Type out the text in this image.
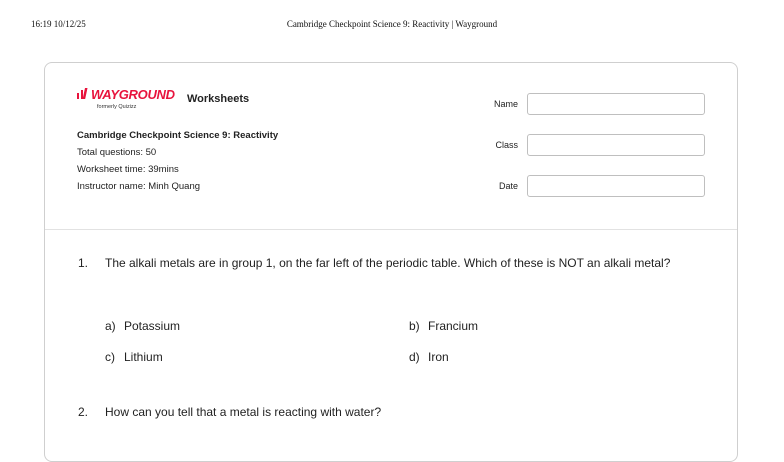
16:19 10/12/25	Cambridge Checkpoint Science 9: Reactivity | Wayground
WAYGROUND
formerly Quizizz
Worksheets
Cambridge Checkpoint Science 9: Reactivity
Total questions: 50
Worksheet time: 39mins
Instructor name: Minh Quang
Name
Class
Date
1. The alkali metals are in group 1, on the far left of the periodic table. Which of these is NOT an alkali metal?
a) Potassium	b) Francium
c) Lithium	d) Iron
2. How can you tell that a metal is reacting with water?
